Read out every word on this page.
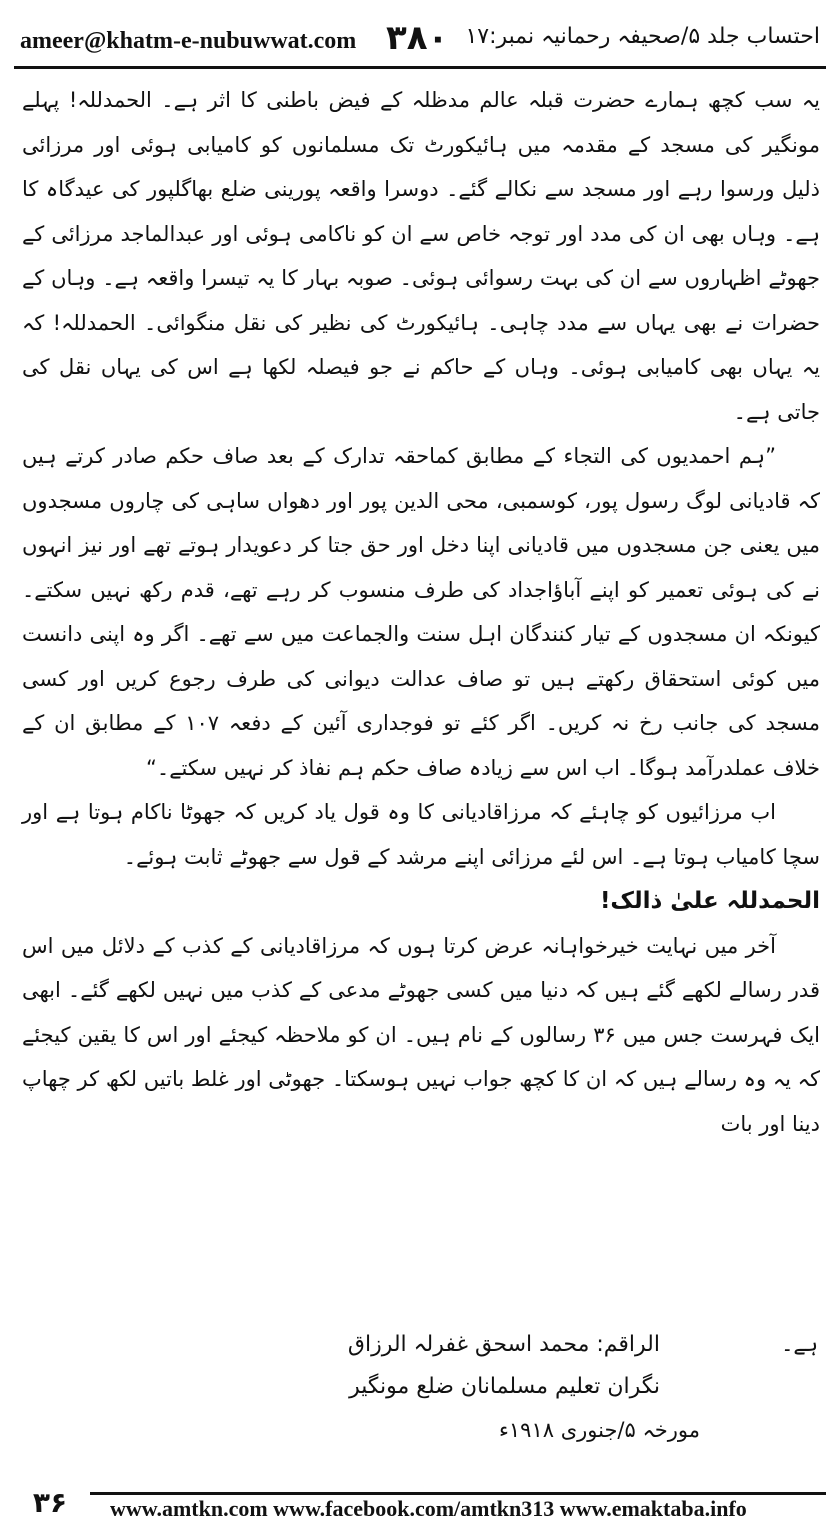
ameer@khatm-e-nubuwwat.com ۳۸۰ احتساب جلد ۵/صحیفہ رحمانیہ نمبر:۱۷

یہ سب کچھ ہمارے حضرت قبلہ عالم مدظلہ کے فیض باطنی کا اثر ہے۔ الحمدللہ! پہلے مونگیر کی مسجد کے مقدمہ میں ہائیکورٹ تک مسلمانوں کو کامیابی ہوئی اور مرزائی ذلیل ورسوا رہے اور مسجد سے نکالے گئے۔ دوسرا واقعہ پورینی ضلع بھاگلپور کی عیدگاہ کا ہے۔ وہاں بھی ان کی مدد اور توجہ خاص سے ان کو ناکامی ہوئی اور عبدالماجد مرزائی کے جھوٹے اظہاروں سے ان کی بہت رسوائی ہوئی۔ صوبہ بہار کا یہ تیسرا واقعہ ہے۔ وہاں کے حضرات نے بھی یہاں سے مدد چاہی۔ ہائیکورٹ کی نظیر کی نقل منگوائی۔ الحمدللہ! کہ یہ یہاں بھی کامیابی ہوئی۔ وہاں کے حاکم نے جو فیصلہ لکھا ہے اس کی یہاں نقل کی جاتی ہے۔

”ہم احمدیوں کی التجاء کے مطابق کماحقہ تدارک کے بعد صاف حکم صادر کرتے ہیں کہ قادیانی لوگ رسول پور، کوسمبی، محی الدین پور اور دھواں ساہی کی چاروں مسجدوں میں یعنی جن مسجدوں میں قادیانی اپنا دخل اور حق جتا کر دعویدار ہوتے تھے اور نیز انہوں نے کی ہوئی تعمیر کو اپنے آباؤاجداد کی طرف منسوب کر رہے تھے، قدم رکھ نہیں سکتے۔ کیونکہ ان مسجدوں کے تیار کنندگان اہل سنت والجماعت میں سے تھے۔ اگر وہ اپنی دانست میں کوئی استحقاق رکھتے ہیں تو صاف عدالت دیوانی کی طرف رجوع کریں اور کسی مسجد کی جانب رخ نہ کریں۔ اگر کئے تو فوجداری آئین کے دفعہ ۱۰۷ کے مطابق ان کے خلاف عملدرآمد ہوگا۔ اب اس سے زیادہ صاف حکم ہم نفاذ کر نہیں سکتے۔“

اب مرزائیوں کو چاہئے کہ مرزاقادیانی کا وہ قول یاد کریں کہ جھوٹا ناکام ہوتا ہے اور سچا کامیاب ہوتا ہے۔ اس لئے مرزائی اپنے مرشد کے قول سے جھوٹے ثابت ہوئے۔

الحمدللہ علیٰ ذالک!

آخر میں نہایت خیرخواہانہ عرض کرتا ہوں کہ مرزاقادیانی کے کذب کے دلائل میں اس قدر رسالے لکھے گئے ہیں کہ دنیا میں کسی جھوٹے مدعی کے کذب میں نہیں لکھے گئے۔ ابھی ایک فہرست جس میں ۳۶ رسالوں کے نام ہیں۔ ان کو ملاحظہ کیجئے اور اس کا یقین کیجئے کہ یہ وہ رسالے ہیں کہ ان کا کچھ جواب نہیں ہوسکتا۔ جھوٹی اور غلط باتیں لکھ کر چھاپ دینا اور بات

ہے۔
الراقم: محمد اسحق غفرلہ الرزاق
نگران تعلیم مسلمانان ضلع مونگیر
مورخہ ۵/جنوری ۱۹۱۸ء
۳۶	www.amtkn.com www.facebook.com/amtkn313 www.emaktaba.info
